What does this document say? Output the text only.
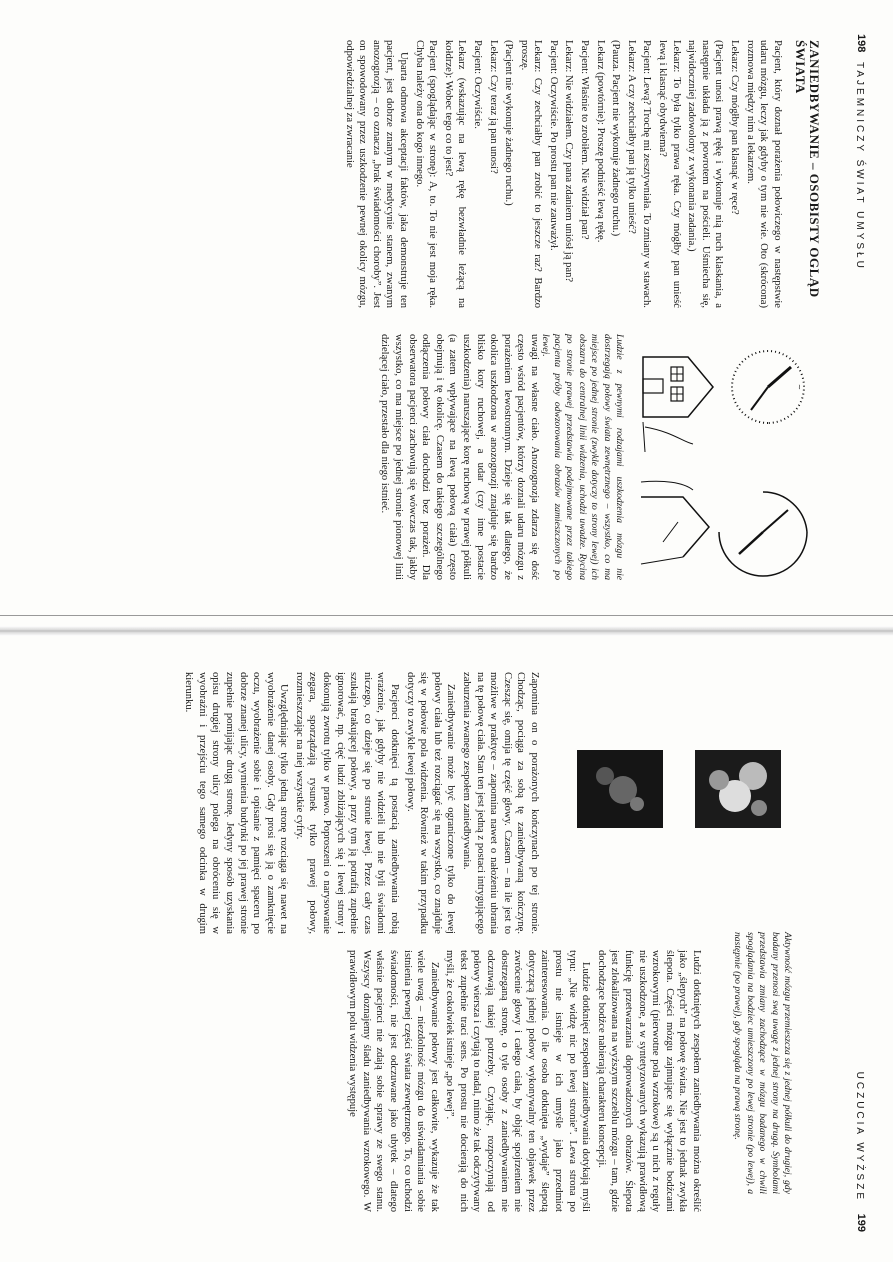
198
TAJEMNICZY ŚWIAT UMYSŁU
ZANIEDBYWANIE – OSOBISTY OGLĄD ŚWIATA

Pacjent, który doznał porażenia połowiczego w następstwie udaru mózgu, leczy jak gdyby o tym nie wie. Oto (skrócona) rozmowa między nim a lekarzem.

Lekarz: Czy mógłby pan klasnąć w ręce?

(Pacjent unosi prawą rękę i wykonuje nią ruch klaskania, a następnie układa ją z powrotem na pościeli. Uśmiecha się, najwidoczniej zadowolony z wykonania zadania.)

Lekarz: To była tylko prawa ręka. Czy mógłby pan unieść lewą i klasnąć obydwiema?

Pacjent: Lewą? Trochę mi zesztywniała. To zmiany w stawach.

Lekarz: A czy zechciałby pan ją tylko unieść?

(Pauza. Pacjent nie wykonuje żadnego ruchu.)

Lekarz (powtórnie): Proszę podnieść lewą rękę.

Pacjent: Właśnie to zrobiłem. Nie widział pan?

Lekarz: Nie widziałem. Czy pana zdaniem uniósł ją pan?

Pacjent: Oczywiście. Po prostu pan nie zauważył.

Lekarz: Czy zechciałby pan zrobić to jeszcze raz? Bardzo proszę.

(Pacjent nie wykonuje żadnego ruchu.)

Lekarz: Czy teraz ją pan unosi?

Pacjent: Oczywiście.

Lekarz (wskazując na lewą rękę bezwładnie leżącą na kołdrze): Wobec tego co to jest?

Pacjent (spoglądając w stronę): A, to. To nie jest moja ręka. Chyba należy ona do kogo innego.

Uparta odmowa akceptacji faktów, jaka demonstruje ten pacjent, jest dobrze znanym w medycynie stanem, zwanym anozognozją – co oznacza „brak świadomości choroby”. Jest on spowodowany przez uszkodzenie pewnej okolicy mózgu, odpowiedzialnej za zwracanie

~
Ludzie z pewnymi rodzajami uszkodzenia mózgu nie dostrzegają połowy świata zewnętrznego – wszystko, co ma miejsce po jednej stronie (zwykle dotyczy to strony lewej) ich obszaru do centralnej linii widzenia, uchodzi uwadze. Rycina po stronie prawej przedstawia podejmowane przez takiego pacjenta próby odwzorowania obrazów zamieszczonych po lewej.

uwagi na własne ciało. Anozognozja zdarza się dość często wśród pacjentów, którzy doznali udaru mózgu z porażeniem lewostronnym. Dzieje się tak dlatego, że okolica uszkodzona w anozognozji znajduje się bardzo blisko kory ruchowej, a udar (czy inne postacie uszkodzenia) naruszające korę ruchową w prawej półkuli (a zatem wpływające na lewą połową ciała) często obejmują i tę okolicę. Czasem do takiego szczególnego odłączenia połowy ciała dochodzi bez porażeń. Dla obserwatora pacjenci zachowują się wówczas tak, jakby wszystko, co ma miejsce po jednej stronie pionowej linii dzielącej ciało, przestało dla niego istnieć.

UCZUCIA WYŻSZE
199
Aktywność mózgu przemieszcza się z jednej półkuli do drugiej, gdy badany przenosi swą uwagę z jednej strony na drugą. Symbolami przedstawia zmiany zachodzące w mózgu badanego w chwili spoglądania na bodziec umieszczony po lewej stronie (po lewej), a następnie (po prawej), gdy spogląda na prawą stronę.

Zapomina on o porażonych kończynach po tej stronie. Chodząc, pociąga za sobą tę zaniedbywaną kończynę. Czesząc się, omija tę część głowy. Czasem – na ile jest to możliwe w praktyce – zapomina nawet o nałożeniu ubrania na tę połowę ciała. Stan ten jest jedną z postaci intrygującego zaburzenia zwanego zespołem zaniedbywania.

Zaniedbywanie może być ograniczone tylko do lewej połowy ciała lub też rozciągać się na wszystko, co znajduje się w połowie pola widzenia. Również w takim przypadku dotyczy to zwykle lewej połowy.

Pacjenci dotknięci tą postacią zaniedbywania robią wrażenie, jak gdyby nie widzieli lub nie byli świadomi niczego, co dzieje się po stronie lewej. Przez cały czas szukają brakującej połowy, a przy tym ją potrafią zupełnie ignorować, np. cięć ludzi zbliżających się i lewej strony i dokonują zwrotu tylko w prawo. Poproszeni o narysowanie zegara, sporządzają rysunek tylko prawej połowy, rozmieszczając na niej wszystkie cyfry.

Uwzględniając tylko jedną stronę rozciąga się nawet na wyobrażenie danej osoby. Gdy prosi się ją o zamknięcie oczu, wyobrażenie sobie i opisanie z pamięci spaceru po dobrze znanej ulicy, wymienia budynki po jej prawej stronie zupełnie pomijając drugą stronę. Jedyny sposób uzyskania opisu drugiej strony ulicy polega na obróceniu się w wyobraźni i przejściu tego samego odcinka w drugim kierunku.

Ludzi dotkniętych zespołem zaniedbywania można określić jako „ślepych” na połowę świata. Nie jest to jednak zwykła ślepota. Części mózgu zajmujące się wyłącznie bodźcami wzrokowymi (pierwotne pola wzrokowe) są u nich z reguły nie uszkodzone, a w syntetyzowanych wykazują prawidłową funkcję przetwarzania doprowadzonych obrazów. Ślepota jest zlokalizowana na wyższym szczeblu mózgu – tam, gdzie dochodzące bodźce nabierają charakteru koncepcji.

Ludzie dotknięci zespołem zaniedbywania dotykają myśli typu: „Nie widzę nic po lewej stronie”. Lewa strona po prostu nie istnieje w ich umyśle jako przedmiot zainteresowania. O ile osoba dotknięta „wydaje” ślepotą dotyczącą jednej połowy wykonywalny ten objawek przez zwrócenie głowy i całego ciała, by objąć spojrzeniem nie dostrzeganą stronę, o tyle osoby z zaniedbywaniem nie odczuwają takiej potrzeby. Czytając, rozpoczynają od połowy wiersza i czytają to nadal, mimo że tak odczytywany tekst zupełnie traci sens. Po prostu nie docierają do nich myśli, że cokolwiek istnieje „po lewej”.

Zaniedbywanie połowy jest całkowite, wykazuje że tak wiele uwag – niezdolność mózgu do uświadamiania sobie istnienia pewnej części świata zewnętrznego. To, co uchodzi świadomości, nie jest odczuwane jako ubytek – dlatego właśnie pacjenci nie zdają sobie sprawy ze swego stanu. Wszyscy doznajemy śladu zaniedbywania wzrokowego. W prawidłowym polu widzenia występuje
